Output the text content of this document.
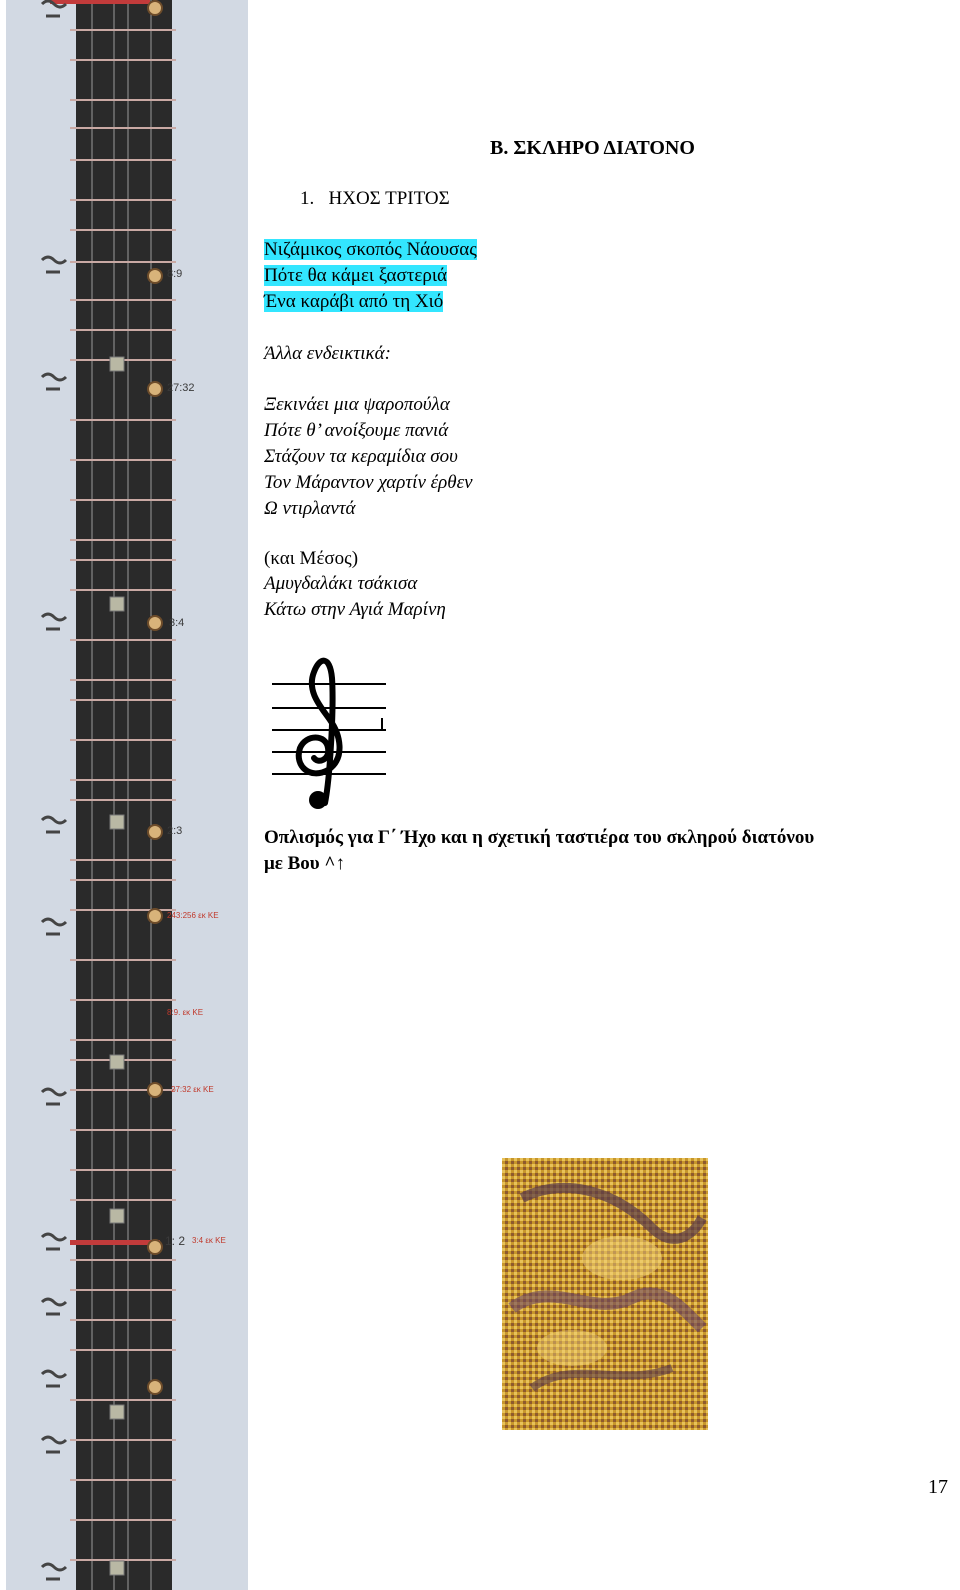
8:9
27:32
3:4
2:3
243:256 εκ ΚΕ
8:9. εκ ΚΕ
27:32 εκ ΚΕ
1: 2 3:4 εκ ΚΕ
Β. ΣΚΛΗΡΟ ΔΙΑΤΟΝΟ
1. ΗΧΟΣ ΤΡΙΤΟΣ
Νιζάμικος σκοπός Νάουσας
Πότε θα κάμει ξαστεριά
Ένα καράβι από τη Χιό
Άλλα ενδεικτικά:
Ξεκινάει μια ψαροπούλα
Πότε θ’ ανοίξουμε πανιά
Στάζουν τα κεραμίδια σου
Τον Μάραντον χαρτίν έρθεν
Ω ντιρλαντά
(και Μέσος)
Αμυγδαλάκι τσάκισα
Κάτω στην Αγιά Μαρίνη
Οπλισμός για Γ΄ Ήχο και η σχετική ταστιέρα του σκληρού διατόνου
με Βου ^↑
17
